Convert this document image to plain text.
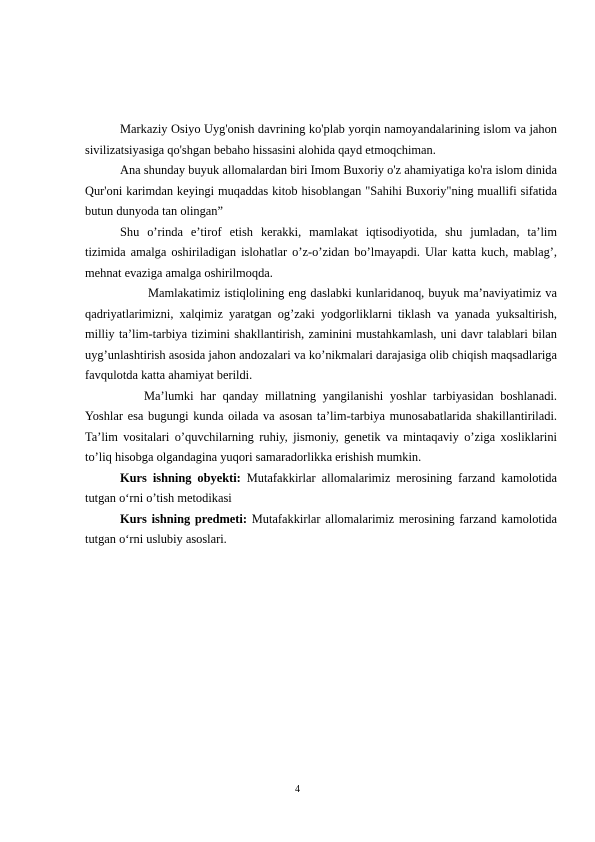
Markaziy Osiyo Uyg'onish davrining ko'plab yorqin namoyandalarining islom va jahon sivilizatsiyasiga qo'shgan bebaho hissasini alohida qayd etmoqchiman.

Ana shunday buyuk allomalardan biri Imom Buxoriy o'z ahamiyatiga ko'ra islom dinida Qur'oni karimdan keyingi muqaddas kitob hisoblangan "Sahihi Buxoriy"ning muallifi sifatida butun dunyoda tan olingan”

Shu o’rinda e’tirof etish kerakki, mamlakat iqtisodiyotida, shu jumladan, ta’lim tizimida amalga oshiriladigan islohatlar o’z-o’zidan bo’lmayapdi. Ular katta kuch, mablag’, mehnat evaziga amalga oshirilmoqda.

Mamlakatimiz istiqlolining eng daslabki kunlaridanoq, buyuk ma’naviyatimiz va qadriyatlarimizni, xalqimiz yaratgan og’zaki yodgorliklarni tiklash va yanada yuksaltirish, milliy ta’lim-tarbiya tizimini shakllantirish, zaminini mustahkamlash, uni davr talablari bilan uyg’unlashtirish asosida jahon andozalari va ko’nikmalari darajasiga olib chiqish maqsadlariga favqulotda katta ahamiyat berildi.

Ma’lumki har qanday millatning yangilanishi yoshlar tarbiyasidan boshlanadi. Yoshlar esa bugungi kunda oilada va asosan ta’lim-tarbiya munosabatlarida shakillantiriladi. Ta’lim vositalari o’quvchilarning ruhiy, jismoniy, genetik va mintaqaviy o’ziga xosliklarini to’liq hisobga olgandagina yuqori samaradorlikka erishish mumkin.

Kurs ishning obyekti: Mutafakkirlar allomalarimiz merosining farzand kamolotida tutgan o‘rni o’tish metodikasi

Kurs ishning predmeti: Mutafakkirlar allomalarimiz merosining farzand kamolotida tutgan o‘rni uslubiy asoslari.

4
